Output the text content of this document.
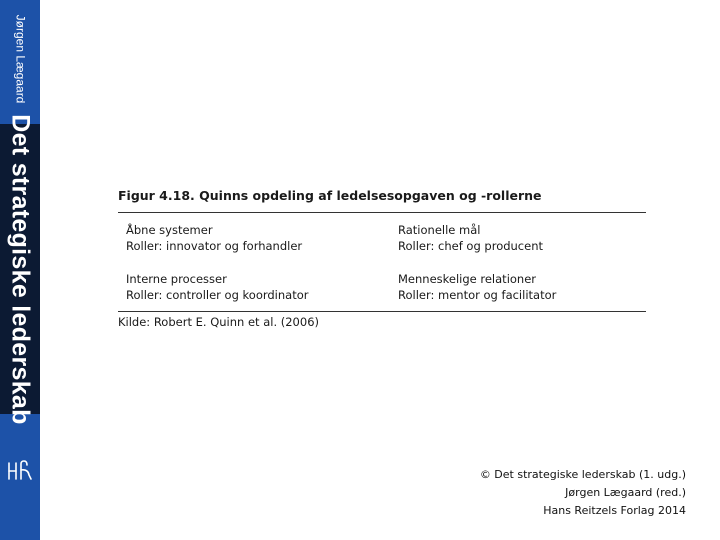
Jørgen Lægaard
Det strategiske lederskab	Figur 4.18. Quinns opdeling af ledelsesopgaven og -rollerne
Åbne systemer
Roller: innovator og forhandler
Rationelle mål
Roller: chef og producent
Interne processer
Roller: controller og koordinator
Menneskelige relationer
Roller: mentor og facilitator
Kilde: Robert E. Quinn et al. (2006)
© Det strategiske lederskab (1. udg.)
Jørgen Lægaard (red.)
Hans Reitzels Forlag 2014
